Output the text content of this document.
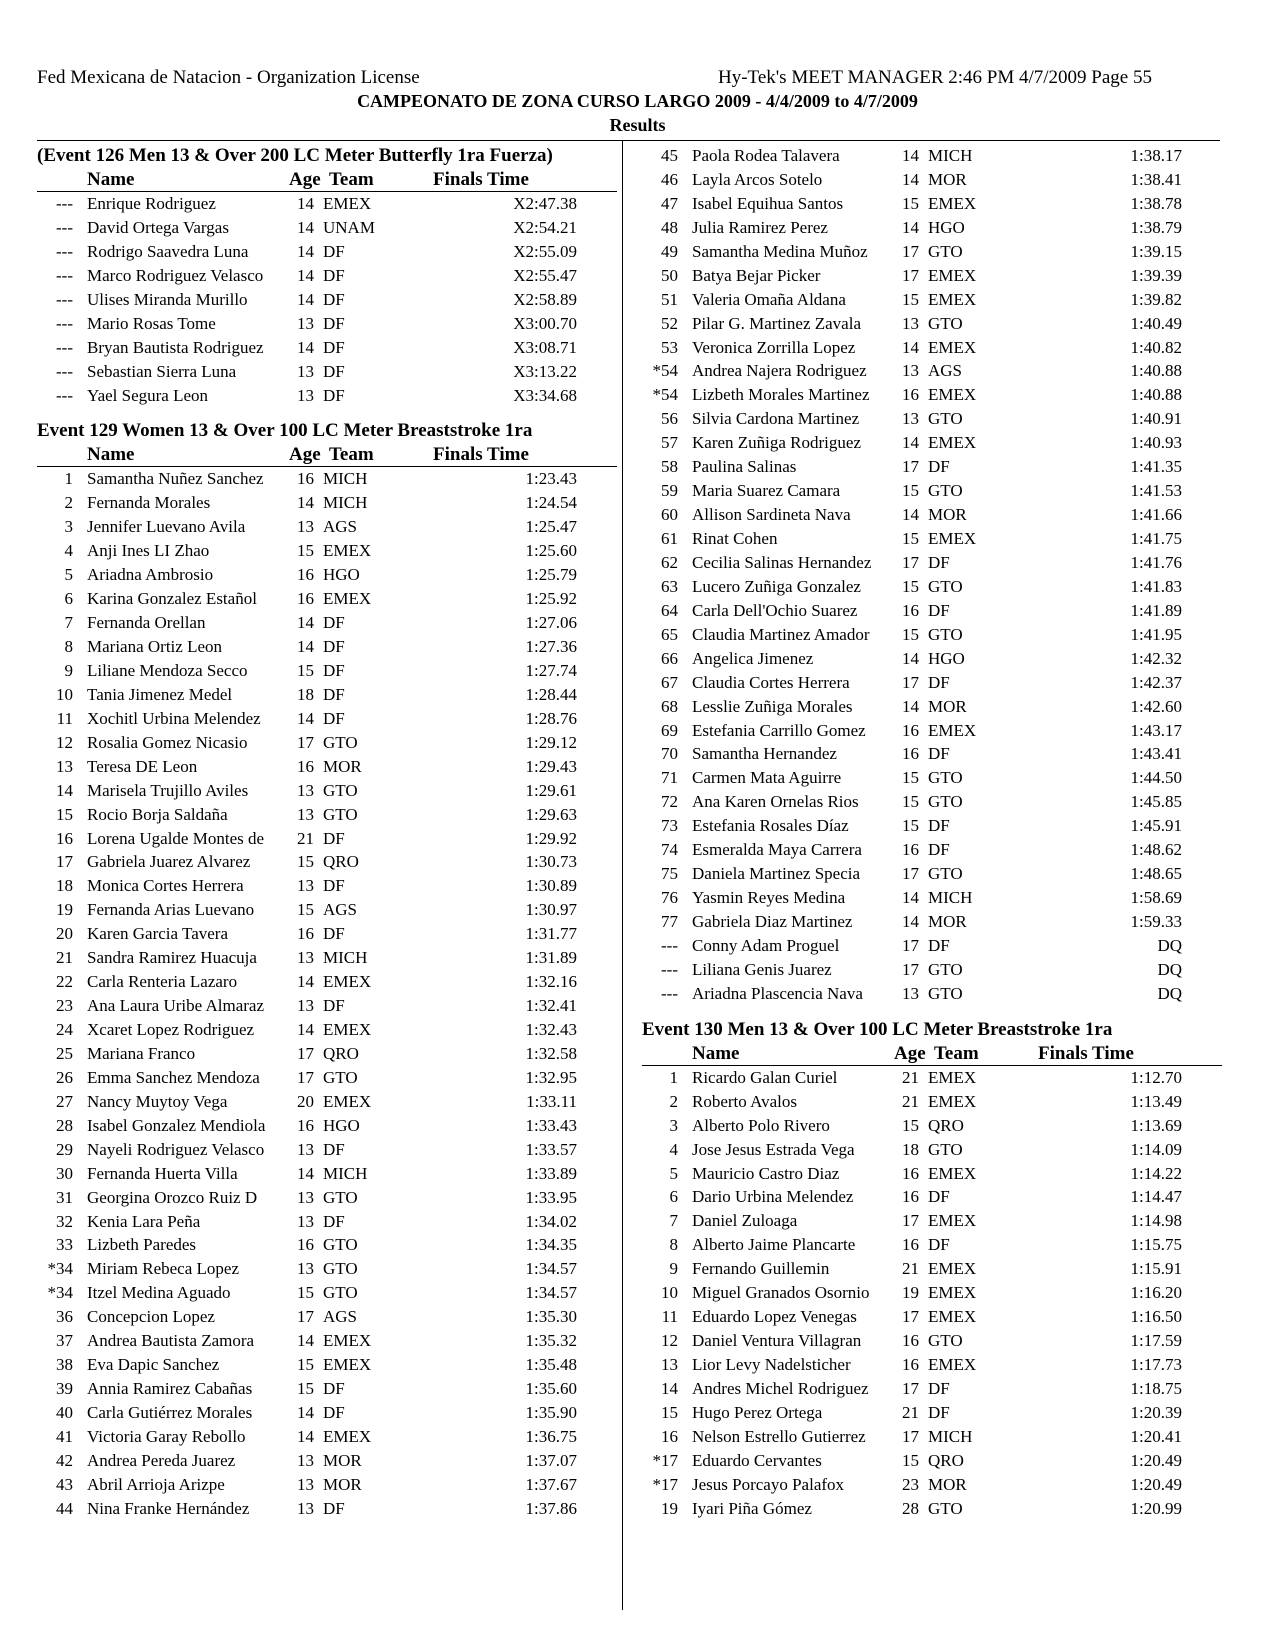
Fed Mexicana de Natacion - Organization License	Hy-Tek's MEET MANAGER 2:46 PM 4/7/2009 Page 55
CAMPEONATO DE ZONA CURSO LARGO 2009 - 4/4/2009 to 4/7/2009
Results
(Event 126 Men 13 & Over 200 LC Meter Butterfly 1ra Fuerza)
Name	Age Team	Finals Time
--- Enrique Rodriguez	14 EMEX	X2:47.38
--- David Ortega Vargas	14 UNAM	X2:54.21
--- Rodrigo Saavedra Luna	14 DF	X2:55.09
--- Marco Rodriguez Velasco 14 DF	X2:55.47
--- Ulises Miranda Murillo	14 DF	X2:58.89
--- Mario Rosas Tome	13 DF	X3:00.70
--- Bryan Bautista Rodriguez 14 DF	X3:08.71
--- Sebastian Sierra Luna	13 DF	X3:13.22
--- Yael Segura Leon	13 DF	X3:34.68
Event 129 Women 13 & Over 100 LC Meter Breaststroke 1ra
Name	Age Team	Finals Time
1 Samantha Nuñez Sanchez 16 MICH	1:23.43
2 Fernanda Morales	14 MICH	1:24.54
3 Jennifer Luevano Avila	13 AGS	1:25.47
4 Anji Ines LI Zhao	15 EMEX	1:25.60
5 Ariadna Ambrosio	16 HGO	1:25.79
6 Karina Gonzalez Estañol 16 EMEX	1:25.92
7 Fernanda Orellan	14 DF	1:27.06
8 Mariana Ortiz Leon	14 DF	1:27.36
9 Liliane Mendoza Secco	15 DF	1:27.74
10 Tania Jimenez Medel	18 DF	1:28.44
11 Xochitl Urbina Melendez 14 DF	1:28.76
12 Rosalia Gomez Nicasio	17 GTO	1:29.12
13 Teresa DE Leon	16 MOR	1:29.43
14 Marisela Trujillo Aviles	13 GTO	1:29.61
15 Rocio Borja Saldaña	13 GTO	1:29.63
16 Lorena Ugalde Montes de 21 DF	1:29.92
17 Gabriela Juarez Alvarez	15 QRO	1:30.73
18 Monica Cortes Herrera	13 DF	1:30.89
19 Fernanda Arias Luevano	15 AGS	1:30.97
20 Karen Garcia Tavera	16 DF	1:31.77
21 Sandra Ramirez Huacuja 13 MICH	1:31.89
22 Carla Renteria Lazaro	14 EMEX	1:32.16
23 Ana Laura Uribe Almaraz 13 DF	1:32.41
24 Xcaret Lopez Rodriguez	14 EMEX	1:32.43
25 Mariana Franco	17 QRO	1:32.58
26 Emma Sanchez Mendoza 17 GTO	1:32.95
27 Nancy Muytoy Vega	20 EMEX	1:33.11
28 Isabel Gonzalez Mendiola 16 HGO	1:33.43
29 Nayeli Rodriguez Velasco 13 DF	1:33.57
30 Fernanda Huerta Villa	14 MICH	1:33.89
31 Georgina Orozco Ruiz D 13 GTO	1:33.95
32 Kenia Lara Peña	13 DF	1:34.02
33 Lizbeth Paredes	16 GTO	1:34.35
*34 Miriam Rebeca Lopez	13 GTO	1:34.57
*34 Itzel Medina Aguado	15 GTO	1:34.57
36 Concepcion Lopez	17 AGS	1:35.30
37 Andrea Bautista Zamora	14 EMEX	1:35.32
38 Eva Dapic Sanchez	15 EMEX	1:35.48
39 Annia Ramirez Cabañas	15 DF	1:35.60
40 Carla Gutiérrez Morales	14 DF	1:35.90
41 Victoria Garay Rebollo	14 EMEX	1:36.75
42 Andrea Pereda Juarez	13 MOR	1:37.07
43 Abril Arrioja Arizpe	13 MOR	1:37.67
44 Nina Franke Hernández	13 DF	1:37.86
45 Paola Rodea Talavera	14 MICH	1:38.17
46 Layla Arcos Sotelo	14 MOR	1:38.41
47 Isabel Equihua Santos	15 EMEX	1:38.78
48 Julia Ramirez Perez	14 HGO	1:38.79
49 Samantha Medina Muñoz 17 GTO	1:39.15
50 Batya Bejar Picker	17 EMEX	1:39.39
51 Valeria Omaña Aldana	15 EMEX	1:39.82
52 Pilar G. Martinez Zavala 13 GTO	1:40.49
53 Veronica Zorrilla Lopez	14 EMEX	1:40.82
*54 Andrea Najera Rodriguez 13 AGS	1:40.88
*54 Lizbeth Morales Martinez 16 EMEX	1:40.88
56 Silvia Cardona Martinez	13 GTO	1:40.91
57 Karen Zuñiga Rodriguez 14 EMEX	1:40.93
58 Paulina Salinas	17 DF	1:41.35
59 Maria Suarez Camara	15 GTO	1:41.53
60 Allison Sardineta Nava	14 MOR	1:41.66
61 Rinat Cohen	15 EMEX	1:41.75
62 Cecilia Salinas Hernandez 17 DF	1:41.76
63 Lucero Zuñiga Gonzalez 15 GTO	1:41.83
64 Carla Dell'Ochio Suarez	16 DF	1:41.89
65 Claudia Martinez Amador 15 GTO	1:41.95
66 Angelica Jimenez	14 HGO	1:42.32
67 Claudia Cortes Herrera	17 DF	1:42.37
68 Lesslie Zuñiga Morales	14 MOR	1:42.60
69 Estefania Carrillo Gomez 16 EMEX	1:43.17
70 Samantha Hernandez	16 DF	1:43.41
71 Carmen Mata Aguirre	15 GTO	1:44.50
72 Ana Karen Ornelas Rios	15 GTO	1:45.85
73 Estefania Rosales Díaz	15 DF	1:45.91
74 Esmeralda Maya Carrera 16 DF	1:48.62
75 Daniela Martinez Specia 17 GTO	1:48.65
76 Yasmin Reyes Medina	14 MICH	1:58.69
77 Gabriela Diaz Martinez	14 MOR	1:59.33
--- Conny Adam Proguel	17 DF	DQ
--- Liliana Genis Juarez	17 GTO	DQ
--- Ariadna Plascencia Nava 13 GTO	DQ
Event 130 Men 13 & Over 100 LC Meter Breaststroke 1ra
Name	Age Team	Finals Time
1 Ricardo Galan Curiel	21 EMEX	1:12.70
2 Roberto Avalos	21 EMEX	1:13.49
3 Alberto Polo Rivero	15 QRO	1:13.69
4 Jose Jesus Estrada Vega	18 GTO	1:14.09
5 Mauricio Castro Diaz	16 EMEX	1:14.22
6 Dario Urbina Melendez	16 DF	1:14.47
7 Daniel Zuloaga	17 EMEX	1:14.98
8 Alberto Jaime Plancarte	16 DF	1:15.75
9 Fernando Guillemin	21 EMEX	1:15.91
10 Miguel Granados Osornio 19 EMEX	1:16.20
11 Eduardo Lopez Venegas	17 EMEX	1:16.50
12 Daniel Ventura Villagran 16 GTO	1:17.59
13 Lior Levy Nadelsticher	16 EMEX	1:17.73
14 Andres Michel Rodriguez 17 DF	1:18.75
15 Hugo Perez Ortega	21 DF	1:20.39
16 Nelson Estrello Gutierrez 17 MICH	1:20.41
*17 Eduardo Cervantes	15 QRO	1:20.49
*17 Jesus Porcayo Palafox	23 MOR	1:20.49
19 Iyari Piña Gómez	28 GTO	1:20.99
